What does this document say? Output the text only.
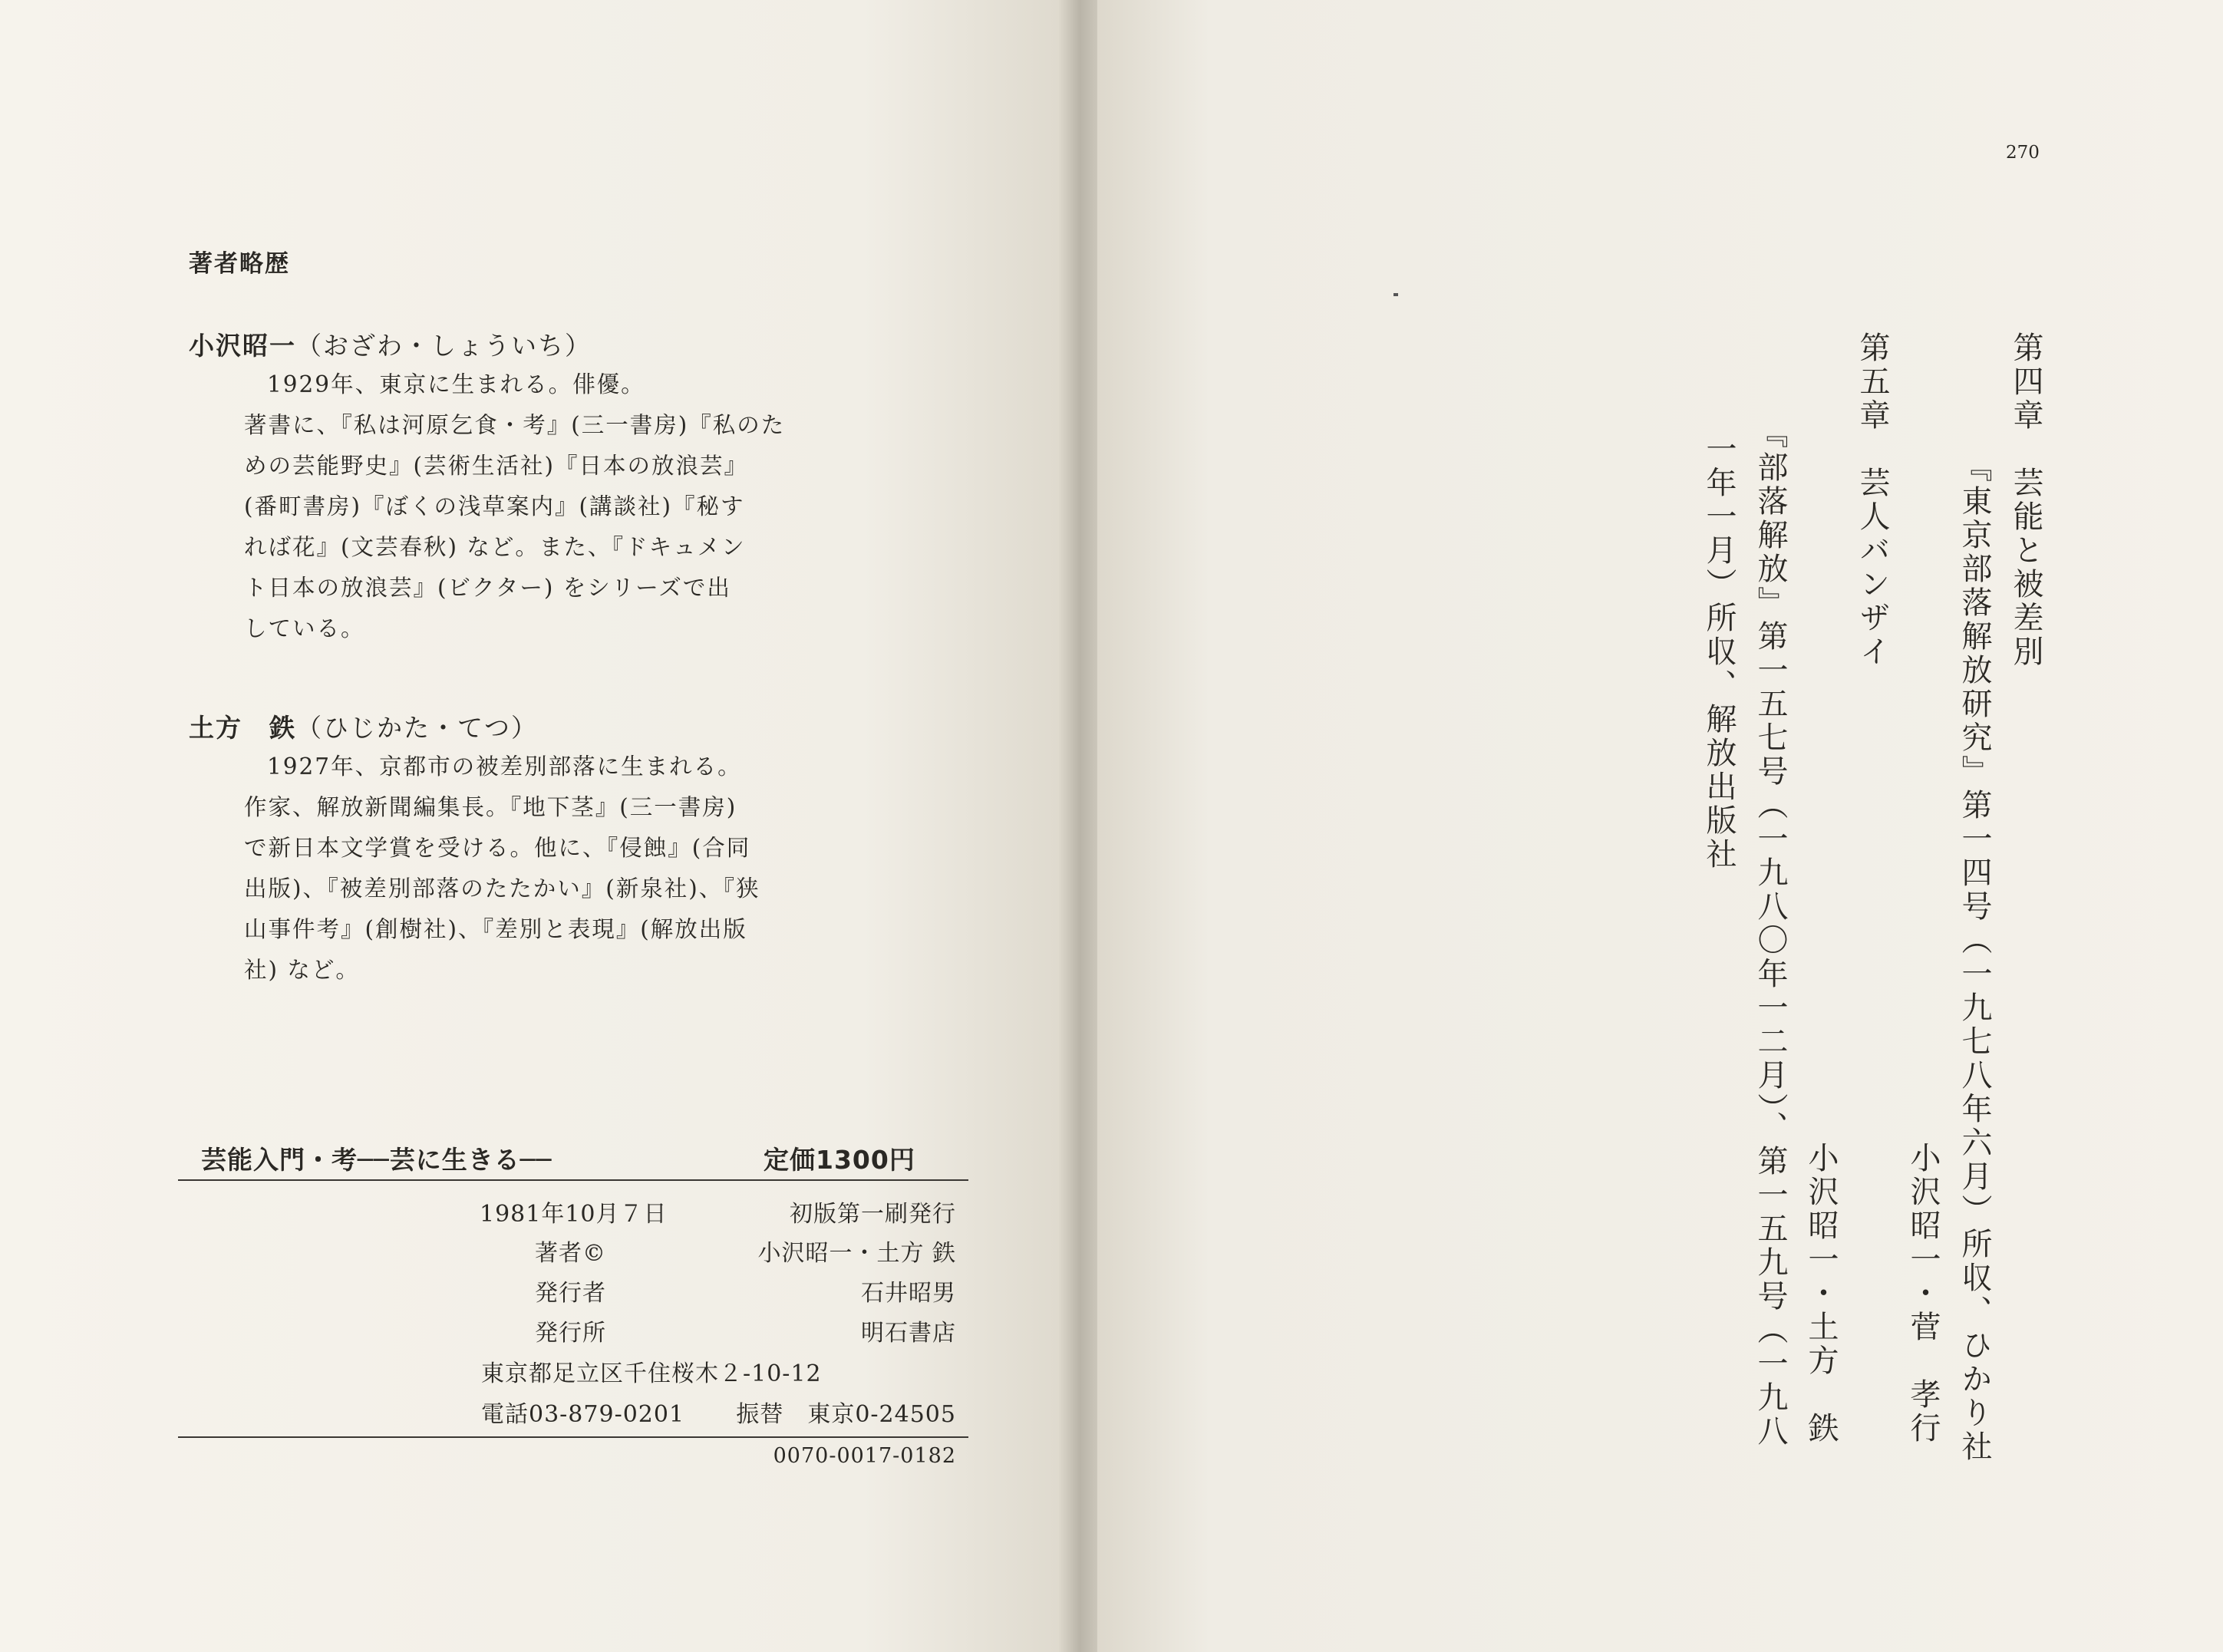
著者略歴
小沢昭一（おざわ・しょういち）
1929年、東京に生まれる。俳優。
著書に、『私は河原乞食・考』(三一書房)『私のた
めの芸能野史』(芸術生活社)『日本の放浪芸』
(番町書房)『ぼくの浅草案内』(講談社)『秘す
れば花』(文芸春秋) など。また、『ドキュメン
ト日本の放浪芸』(ビクター) をシリーズで出
している。
土方　鉄（ひじかた・てつ）
1927年、京都市の被差別部落に生まれる。
作家、解放新聞編集長。『地下茎』(三一書房)
で新日本文学賞を受ける。他に、『侵蝕』(合同
出版)、『被差別部落のたたかい』(新泉社)、『狭
山事件考』(創樹社)、『差別と表現』(解放出版
社) など。
芸能入門・考──芸に生きる──	定価1300円
1981年10月７日	初版第一刷発行
著者©	小沢昭一・土方 鉄
発行者	石井昭男
発行所	明石書店
東京都足立区千住桜木２-10-12
電話03-879-0201	振替　東京0-24505
0070-0017-0182
270
第四章　芸能と被差別
　　　　『東京部落解放研究』第一四号（一九七八年六月）所収、ひかり社
　　　　　　　　　　　　　　　　　　　　　　　　小沢昭一・菅　孝行
第五章　芸人バンザイ
　　　　　　　　　　　　　　　　　　　　　　　　小沢昭一・土方　鉄
　　　『部落解放』第一五七号（一九八〇年一二月）、第一五九号（一九八
　　　一年一月）所収、解放出版社
